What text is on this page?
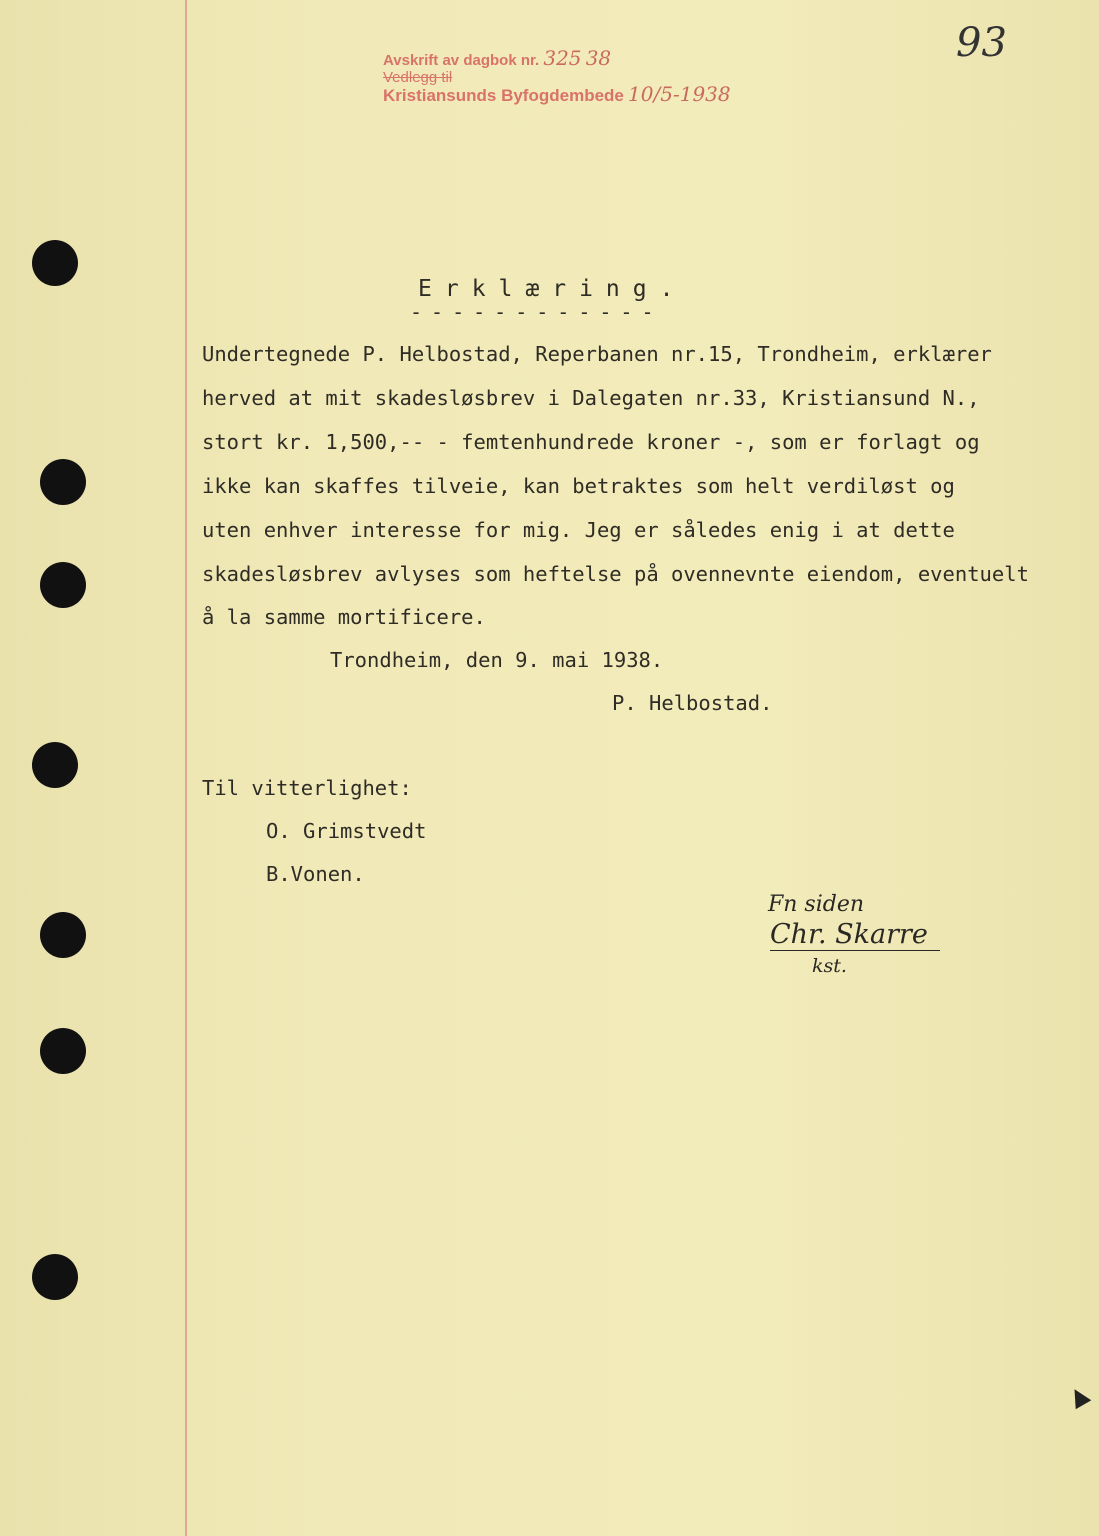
Avskrift av dagbok nr. 325 38
Vedlegg til
Kristiansunds Byfogdembede 10/5-1938
93
Erklæring.
------------
Undertegnede P. Helbostad, Reperbanen nr.15, Trondheim, erklærer
herved at mit skadesløsbrev i Dalegaten nr.33, Kristiansund N.,
stort kr. 1,500,-- - femtenhundrede kroner -, som er forlagt og
ikke kan skaffes tilveie, kan betraktes som helt verdiløst og
uten enhver interesse for mig. Jeg er således enig i at dette
skadesløsbrev avlyses som heftelse på ovennevnte eiendom, eventuelt
å la samme mortificere.
Trondheim, den 9. mai 1938.
P. Helbostad.
Til vitterlighet:
O. Grimstvedt
B.Vonen.
Fn siden
Chr. Skarre
kst.
